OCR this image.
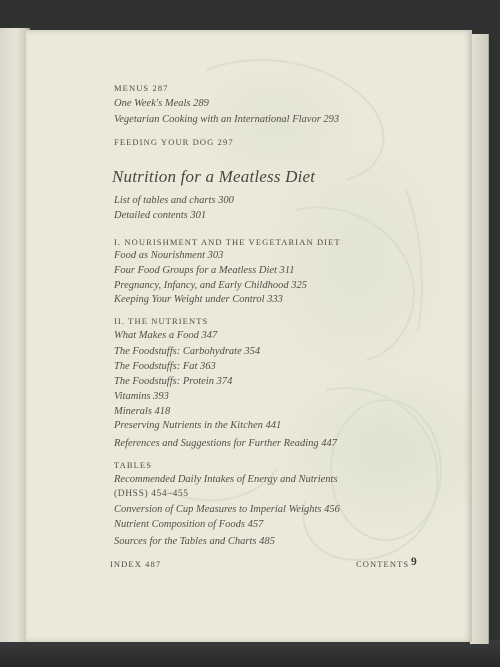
MENUS 287
One Week's Meals 289
Vegetarian Cooking with an International Flavor 293
FEEDING YOUR DOG 297
Nutrition for a Meatless Diet
List of tables and charts 300
Detailed contents 301
I. NOURISHMENT AND THE VEGETARIAN DIET
Food as Nourishment 303
Four Food Groups for a Meatless Diet 311
Pregnancy, Infancy, and Early Childhood 325
Keeping Your Weight under Control 333
II. THE NUTRIENTS
What Makes a Food 347
The Foodstuffs: Carbohydrate 354
The Foodstuffs: Fat 363
The Foodstuffs: Protein 374
Vitamins 393
Minerals 418
Preserving Nutrients in the Kitchen 441
References and Suggestions for Further Reading 447
TABLES
Recommended Daily Intakes of Energy and Nutrients
(DHSS) 454–455
Conversion of Cup Measures to Imperial Weights 456
Nutrient Composition of Foods 457
Sources for the Tables and Charts 485
INDEX 487	CONTENTS 9
